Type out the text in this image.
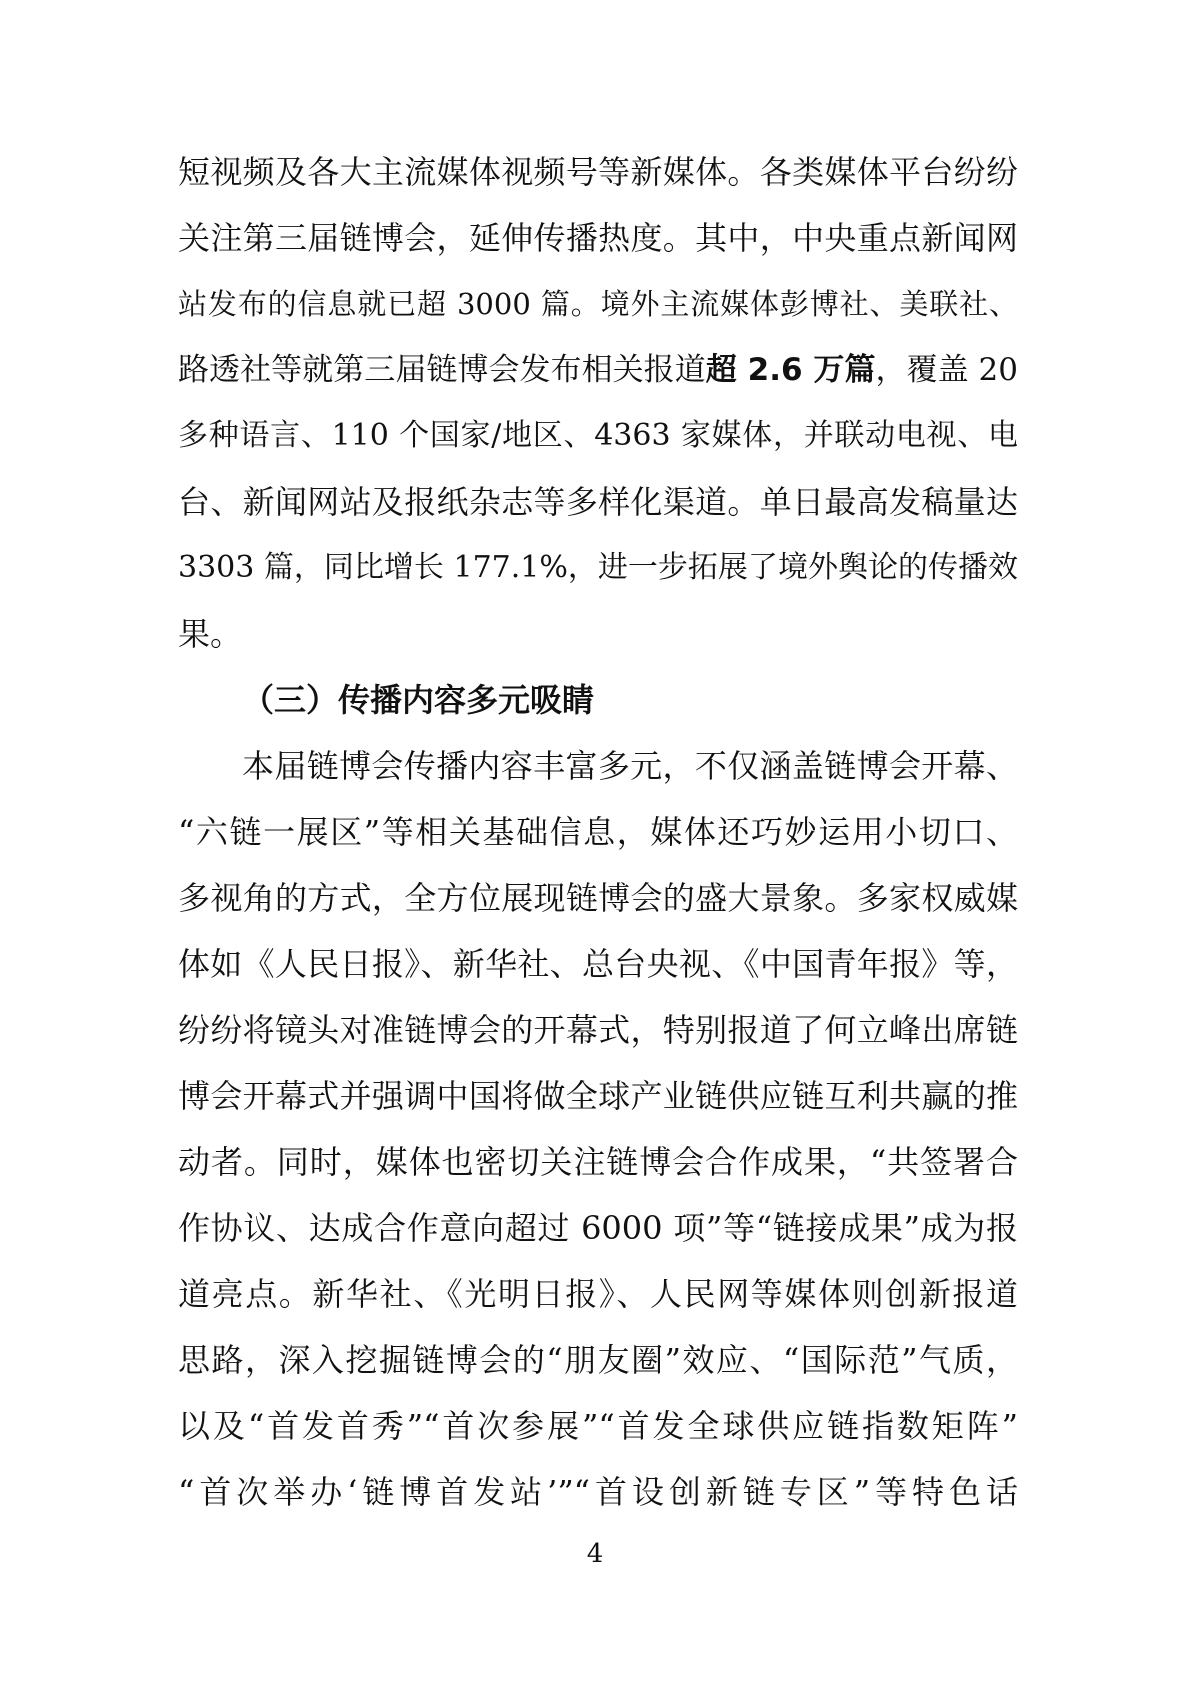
短视频及各大主流媒体视频号等新媒体。各类媒体平台纷纷
关注第三届链博会，延伸传播热度。其中，中央重点新闻网
站发布的信息就已超 3000 篇。境外主流媒体彭博社、美联社、
路透社等就第三届链博会发布相关报道超 2.6 万篇，覆盖 20
多种语言、110 个国家/地区、4363 家媒体，并联动电视、电
台、新闻网站及报纸杂志等多样化渠道。单日最高发稿量达
3303 篇，同比增长 177.1%，进一步拓展了境外舆论的传播效
果。
（三）传播内容多元吸睛
本届链博会传播内容丰富多元，不仅涵盖链博会开幕、
“六链一展区”等相关基础信息，媒体还巧妙运用小切口、
多视角的方式，全方位展现链博会的盛大景象。多家权威媒
体如《人民日报》、新华社、总台央视、《中国青年报》等，
纷纷将镜头对准链博会的开幕式，特别报道了何立峰出席链
博会开幕式并强调中国将做全球产业链供应链互利共赢的推
动者。同时，媒体也密切关注链博会合作成果，“共签署合
作协议、达成合作意向超过 6000 项”等“链接成果”成为报
道亮点。新华社、《光明日报》、人民网等媒体则创新报道
思路，深入挖掘链博会的“朋友圈”效应、“国际范”气质，
以及“首发首秀”“首次参展”“首发全球供应链指数矩阵”
“首次举办‘链博首发站’”“首设创新链专区”等特色话
4
